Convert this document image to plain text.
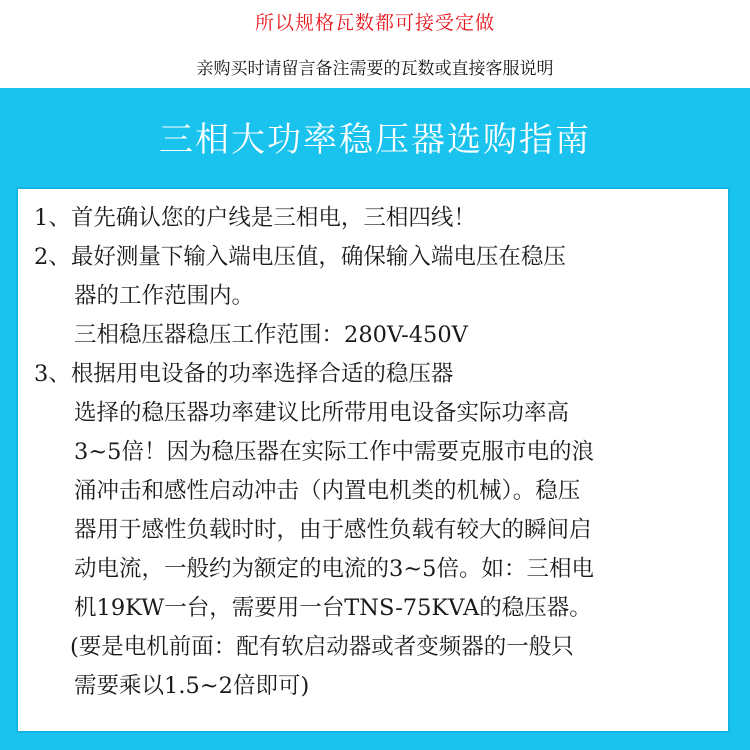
所以规格瓦数都可接受定做
亲购买时请留言备注需要的瓦数或直接客服说明
三相大功率稳压器选购指南
1、首先确认您的户线是三相电，三相四线！
2、最好测量下输入端电压值，确保输入端电压在稳压
器的工作范围内。
三相稳压器稳压工作范围：280V-450V
3、根据用电设备的功率选择合适的稳压器
选择的稳压器功率建议比所带用电设备实际功率高
3~5倍！因为稳压器在实际工作中需要克服市电的浪
涌冲击和感性启动冲击（内置电机类的机械）。稳压
器用于感性负载时时，由于感性负载有较大的瞬间启
动电流，一般约为额定的电流的3~5倍。如：三相电
机19KW一台，需要用一台TNS-75KVA的稳压器。
(要是电机前面：配有软启动器或者变频器的一般只
需要乘以1.5~2倍即可)
